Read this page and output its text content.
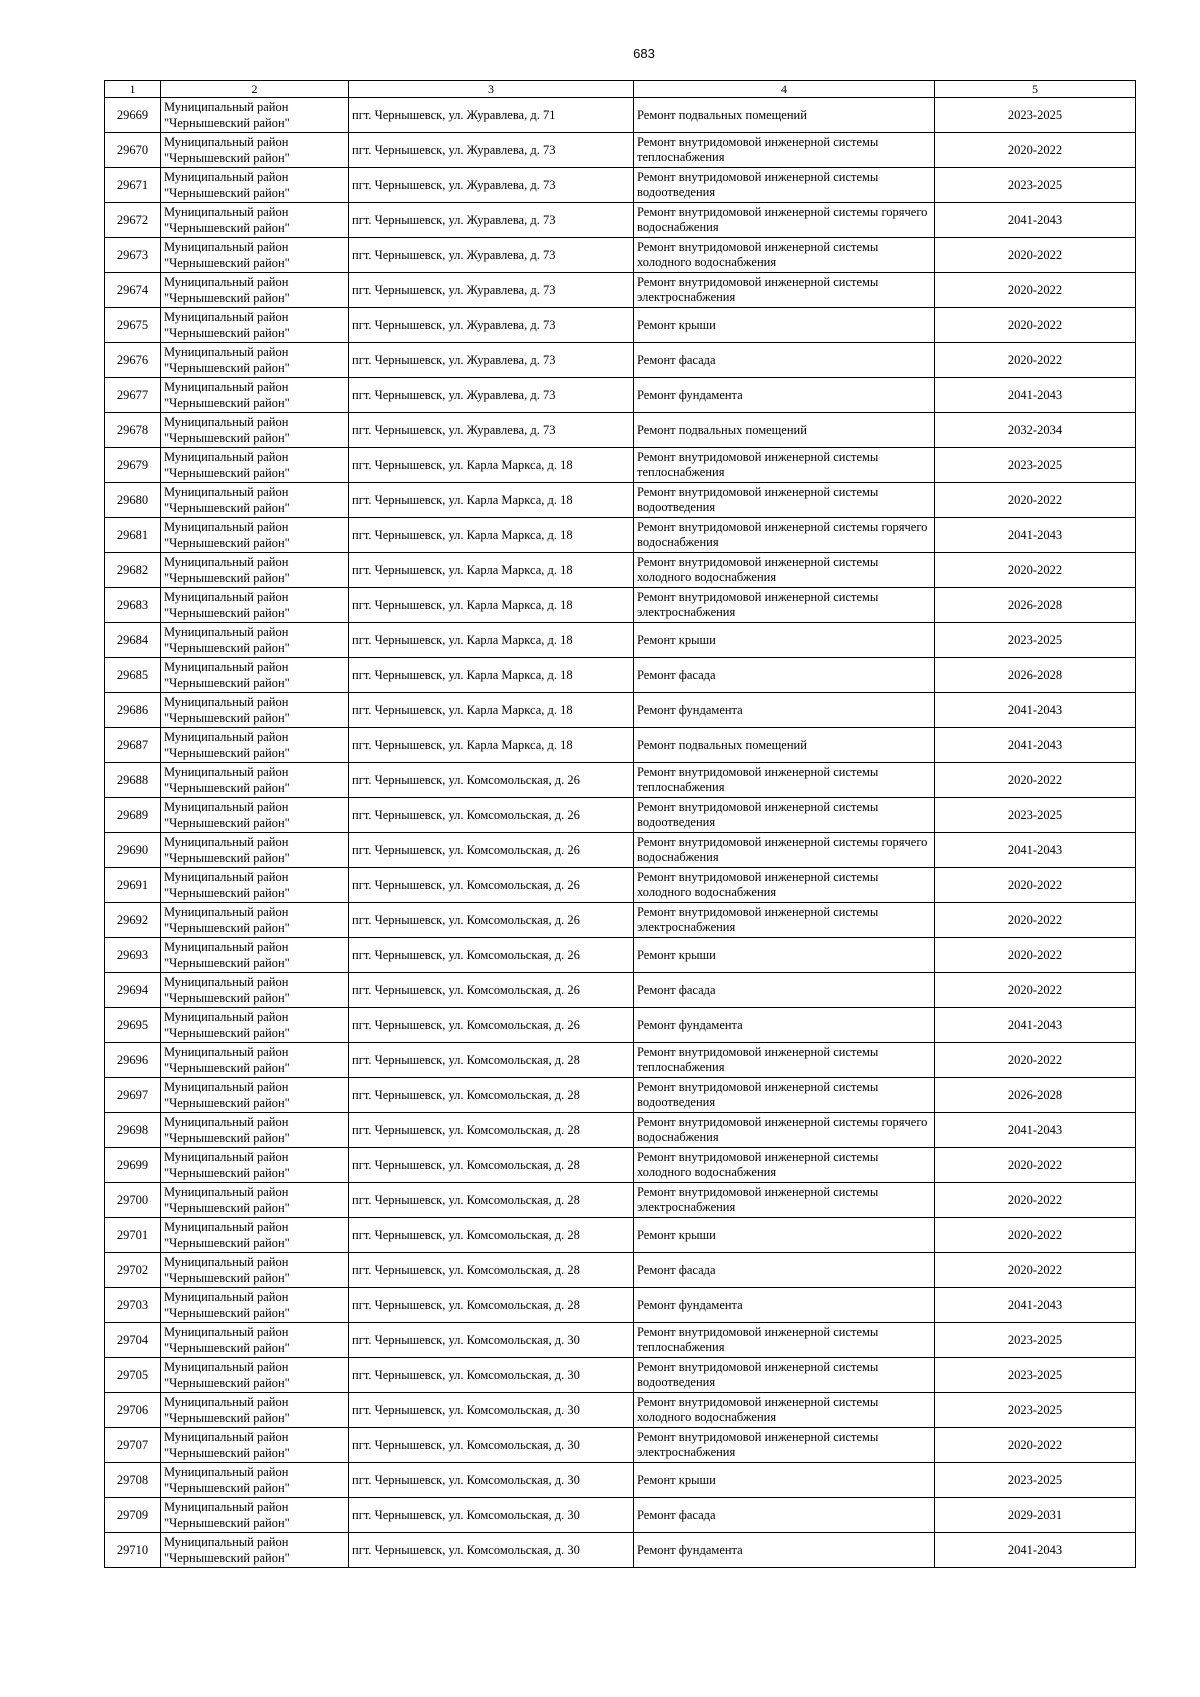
683
1	2	3	4	5
29669	Муниципальный район "Чернышевский район"	пгт. Чернышевск, ул. Журавлева, д. 71	Ремонт подвальных помещений	2023-2025
29670	Муниципальный район "Чернышевский район"	пгт. Чернышевск, ул. Журавлева, д. 73	Ремонт внутридомовой инженерной системы теплоснабжения	2020-2022
29671	Муниципальный район "Чернышевский район"	пгт. Чернышевск, ул. Журавлева, д. 73	Ремонт внутридомовой инженерной системы водоотведения	2023-2025
29672	Муниципальный район "Чернышевский район"	пгт. Чернышевск, ул. Журавлева, д. 73	Ремонт внутридомовой инженерной системы горячего водоснабжения	2041-2043
29673	Муниципальный район "Чернышевский район"	пгт. Чернышевск, ул. Журавлева, д. 73	Ремонт внутридомовой инженерной системы холодного водоснабжения	2020-2022
29674	Муниципальный район "Чернышевский район"	пгт. Чернышевск, ул. Журавлева, д. 73	Ремонт внутридомовой инженерной системы электроснабжения	2020-2022
29675	Муниципальный район "Чернышевский район"	пгт. Чернышевск, ул. Журавлева, д. 73	Ремонт крыши	2020-2022
29676	Муниципальный район "Чернышевский район"	пгт. Чернышевск, ул. Журавлева, д. 73	Ремонт фасада	2020-2022
29677	Муниципальный район "Чернышевский район"	пгт. Чернышевск, ул. Журавлева, д. 73	Ремонт фундамента	2041-2043
29678	Муниципальный район "Чернышевский район"	пгт. Чернышевск, ул. Журавлева, д. 73	Ремонт подвальных помещений	2032-2034
29679	Муниципальный район "Чернышевский район"	пгт. Чернышевск, ул. Карла Маркса, д. 18	Ремонт внутридомовой инженерной системы теплоснабжения	2023-2025
29680	Муниципальный район "Чернышевский район"	пгт. Чернышевск, ул. Карла Маркса, д. 18	Ремонт внутридомовой инженерной системы водоотведения	2020-2022
29681	Муниципальный район "Чернышевский район"	пгт. Чернышевск, ул. Карла Маркса, д. 18	Ремонт внутридомовой инженерной системы горячего водоснабжения	2041-2043
29682	Муниципальный район "Чернышевский район"	пгт. Чернышевск, ул. Карла Маркса, д. 18	Ремонт внутридомовой инженерной системы холодного водоснабжения	2020-2022
29683	Муниципальный район "Чернышевский район"	пгт. Чернышевск, ул. Карла Маркса, д. 18	Ремонт внутридомовой инженерной системы электроснабжения	2026-2028
29684	Муниципальный район "Чернышевский район"	пгт. Чернышевск, ул. Карла Маркса, д. 18	Ремонт крыши	2023-2025
29685	Муниципальный район "Чернышевский район"	пгт. Чернышевск, ул. Карла Маркса, д. 18	Ремонт фасада	2026-2028
29686	Муниципальный район "Чернышевский район"	пгт. Чернышевск, ул. Карла Маркса, д. 18	Ремонт фундамента	2041-2043
29687	Муниципальный район "Чернышевский район"	пгт. Чернышевск, ул. Карла Маркса, д. 18	Ремонт подвальных помещений	2041-2043
29688	Муниципальный район "Чернышевский район"	пгт. Чернышевск, ул. Комсомольская, д. 26	Ремонт внутридомовой инженерной системы теплоснабжения	2020-2022
29689	Муниципальный район "Чернышевский район"	пгт. Чернышевск, ул. Комсомольская, д. 26	Ремонт внутридомовой инженерной системы водоотведения	2023-2025
29690	Муниципальный район "Чернышевский район"	пгт. Чернышевск, ул. Комсомольская, д. 26	Ремонт внутридомовой инженерной системы горячего водоснабжения	2041-2043
29691	Муниципальный район "Чернышевский район"	пгт. Чернышевск, ул. Комсомольская, д. 26	Ремонт внутридомовой инженерной системы холодного водоснабжения	2020-2022
29692	Муниципальный район "Чернышевский район"	пгт. Чернышевск, ул. Комсомольская, д. 26	Ремонт внутридомовой инженерной системы электроснабжения	2020-2022
29693	Муниципальный район "Чернышевский район"	пгт. Чернышевск, ул. Комсомольская, д. 26	Ремонт крыши	2020-2022
29694	Муниципальный район "Чернышевский район"	пгт. Чернышевск, ул. Комсомольская, д. 26	Ремонт фасада	2020-2022
29695	Муниципальный район "Чернышевский район"	пгт. Чернышевск, ул. Комсомольская, д. 26	Ремонт фундамента	2041-2043
29696	Муниципальный район "Чернышевский район"	пгт. Чернышевск, ул. Комсомольская, д. 28	Ремонт внутридомовой инженерной системы теплоснабжения	2020-2022
29697	Муниципальный район "Чернышевский район"	пгт. Чернышевск, ул. Комсомольская, д. 28	Ремонт внутридомовой инженерной системы водоотведения	2026-2028
29698	Муниципальный район "Чернышевский район"	пгт. Чернышевск, ул. Комсомольская, д. 28	Ремонт внутридомовой инженерной системы горячего водоснабжения	2041-2043
29699	Муниципальный район "Чернышевский район"	пгт. Чернышевск, ул. Комсомольская, д. 28	Ремонт внутридомовой инженерной системы холодного водоснабжения	2020-2022
29700	Муниципальный район "Чернышевский район"	пгт. Чернышевск, ул. Комсомольская, д. 28	Ремонт внутридомовой инженерной системы электроснабжения	2020-2022
29701	Муниципальный район "Чернышевский район"	пгт. Чернышевск, ул. Комсомольская, д. 28	Ремонт крыши	2020-2022
29702	Муниципальный район "Чернышевский район"	пгт. Чернышевск, ул. Комсомольская, д. 28	Ремонт фасада	2020-2022
29703	Муниципальный район "Чернышевский район"	пгт. Чернышевск, ул. Комсомольская, д. 28	Ремонт фундамента	2041-2043
29704	Муниципальный район "Чернышевский район"	пгт. Чернышевск, ул. Комсомольская, д. 30	Ремонт внутридомовой инженерной системы теплоснабжения	2023-2025
29705	Муниципальный район "Чернышевский район"	пгт. Чернышевск, ул. Комсомольская, д. 30	Ремонт внутридомовой инженерной системы водоотведения	2023-2025
29706	Муниципальный район "Чернышевский район"	пгт. Чернышевск, ул. Комсомольская, д. 30	Ремонт внутридомовой инженерной системы холодного водоснабжения	2023-2025
29707	Муниципальный район "Чернышевский район"	пгт. Чернышевск, ул. Комсомольская, д. 30	Ремонт внутридомовой инженерной системы электроснабжения	2020-2022
29708	Муниципальный район "Чернышевский район"	пгт. Чернышевск, ул. Комсомольская, д. 30	Ремонт крыши	2023-2025
29709	Муниципальный район "Чернышевский район"	пгт. Чернышевск, ул. Комсомольская, д. 30	Ремонт фасада	2029-2031
29710	Муниципальный район "Чернышевский район"	пгт. Чернышевск, ул. Комсомольская, д. 30	Ремонт фундамента	2041-2043
